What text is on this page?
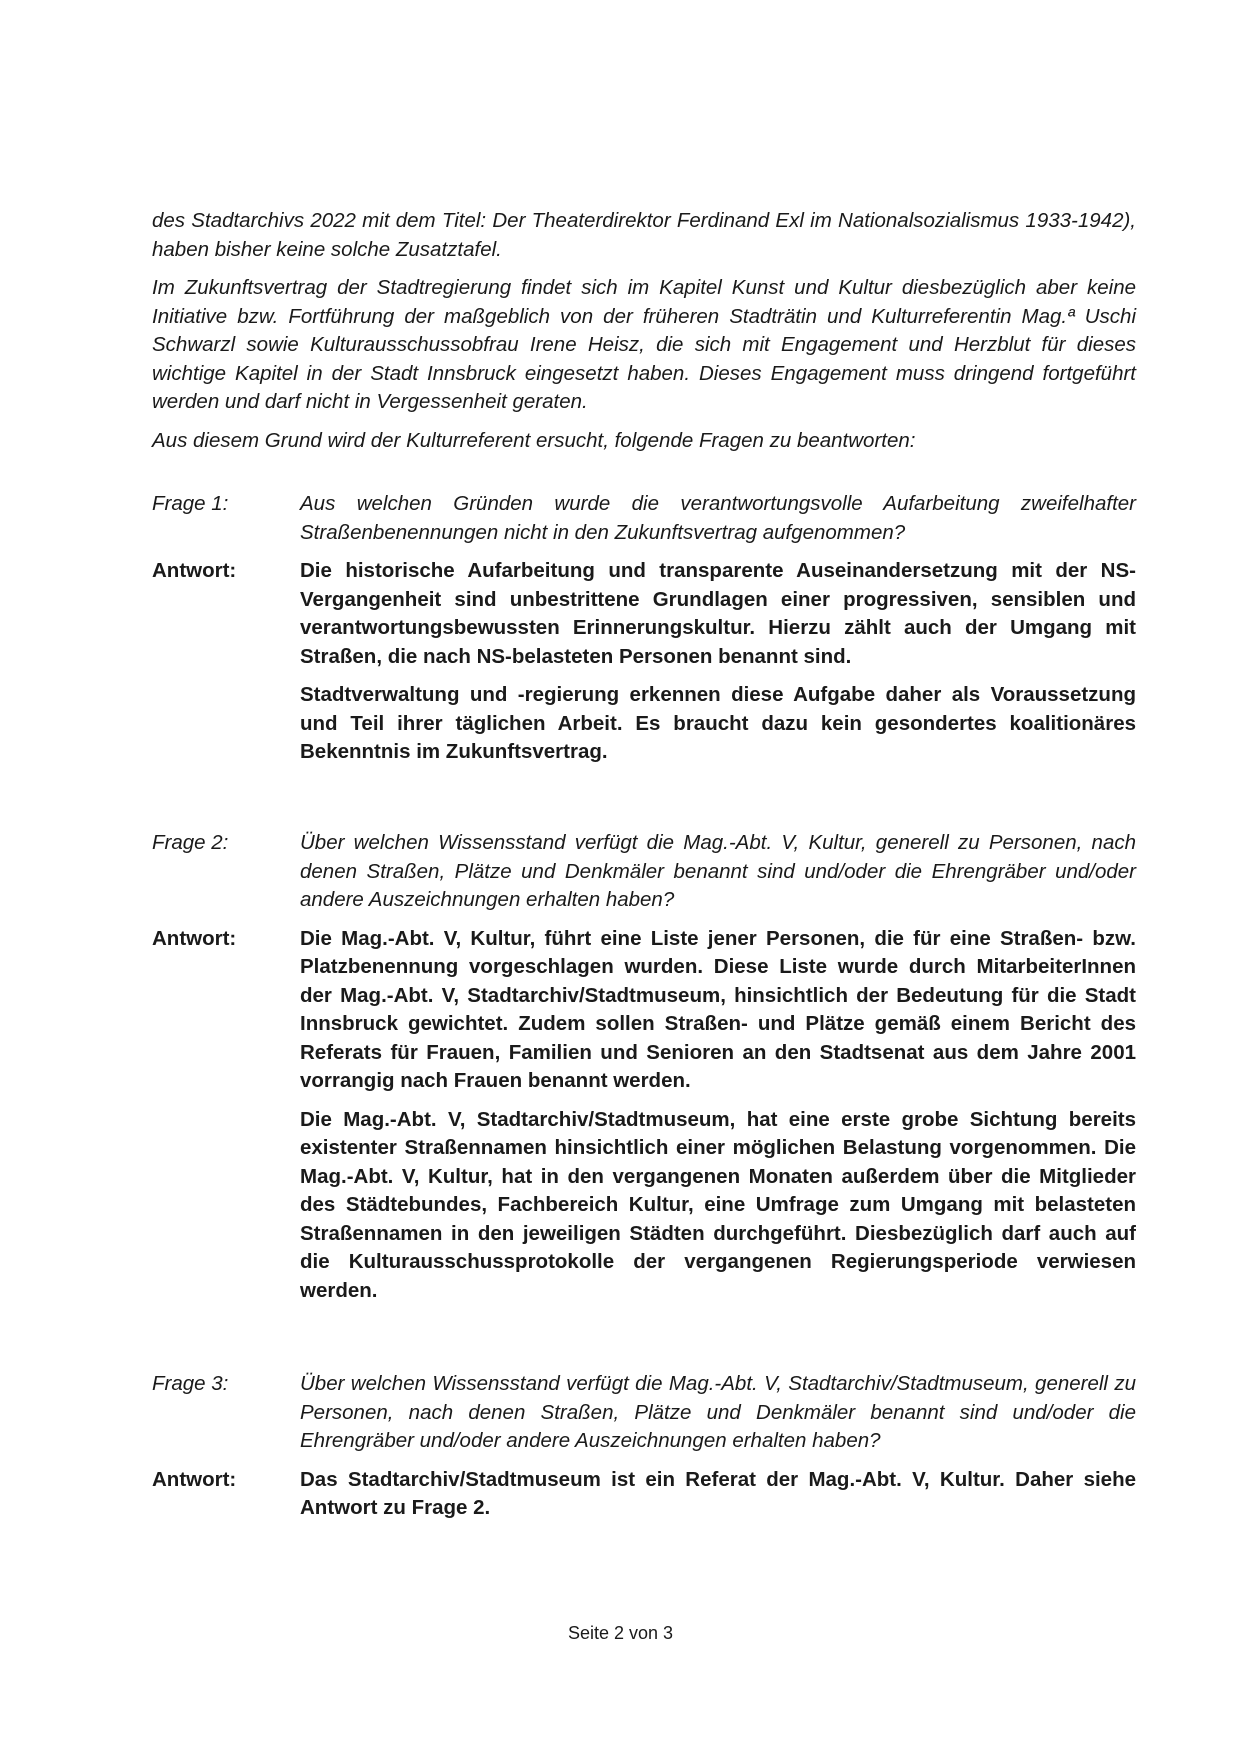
des Stadtarchivs 2022 mit dem Titel: Der Theaterdirektor Ferdinand Exl im Nationalsozialismus 1933-1942), haben bisher keine solche Zusatztafel.

Im Zukunftsvertrag der Stadtregierung findet sich im Kapitel Kunst und Kultur diesbezüglich aber keine Initiative bzw. Fortführung der maßgeblich von der früheren Stadträtin und Kulturreferentin Mag.ª Uschi Schwarzl sowie Kulturausschussobfrau Irene Heisz, die sich mit Engagement und Herzblut für dieses wichtige Kapitel in der Stadt Innsbruck eingesetzt haben. Dieses Engagement muss dringend fortgeführt werden und darf nicht in Vergessenheit geraten.

Aus diesem Grund wird der Kulturreferent ersucht, folgende Fragen zu beantworten:

Frage 1:	Aus welchen Gründen wurde die verantwortungsvolle Aufarbeitung zweifelhafter Straßenbenennungen nicht in den Zukunftsvertrag aufgenommen?

Antwort:	Die historische Aufarbeitung und transparente Auseinandersetzung mit der NS-Vergangenheit sind unbestrittene Grundlagen einer progressiven, sensiblen und verantwortungsbewussten Erinnerungskultur. Hierzu zählt auch der Umgang mit Straßen, die nach NS-belasteten Personen benannt sind.

Stadtverwaltung und -regierung erkennen diese Aufgabe daher als Voraussetzung und Teil ihrer täglichen Arbeit. Es braucht dazu kein gesondertes koalitionäres Bekenntnis im Zukunftsvertrag.

Frage 2:	Über welchen Wissensstand verfügt die Mag.-Abt. V, Kultur, generell zu Personen, nach denen Straßen, Plätze und Denkmäler benannt sind und/oder die Ehrengräber und/oder andere Auszeichnungen erhalten haben?

Antwort:	Die Mag.-Abt. V, Kultur, führt eine Liste jener Personen, die für eine Straßen- bzw. Platzbenennung vorgeschlagen wurden. Diese Liste wurde durch MitarbeiterInnen der Mag.-Abt. V, Stadtarchiv/Stadtmuseum, hinsichtlich der Bedeutung für die Stadt Innsbruck gewichtet. Zudem sollen Straßen- und Plätze gemäß einem Bericht des Referats für Frauen, Familien und Senioren an den Stadtsenat aus dem Jahre 2001 vorrangig nach Frauen benannt werden.

Die Mag.-Abt. V, Stadtarchiv/Stadtmuseum, hat eine erste grobe Sichtung bereits existenter Straßennamen hinsichtlich einer möglichen Belastung vorgenommen. Die Mag.-Abt. V, Kultur, hat in den vergangenen Monaten außerdem über die Mitglieder des Städtebundes, Fachbereich Kultur, eine Umfrage zum Umgang mit belasteten Straßennamen in den jeweiligen Städten durchgeführt. Diesbezüglich darf auch auf die Kulturausschussprotokolle der vergangenen Regierungsperiode verwiesen werden.

Frage 3:	Über welchen Wissensstand verfügt die Mag.-Abt. V, Stadtarchiv/Stadtmuseum, generell zu Personen, nach denen Straßen, Plätze und Denkmäler benannt sind und/oder die Ehrengräber und/oder andere Auszeichnungen erhalten haben?

Antwort:	Das Stadtarchiv/Stadtmuseum ist ein Referat der Mag.-Abt. V, Kultur. Daher siehe Antwort zu Frage 2.

Seite 2 von 3
